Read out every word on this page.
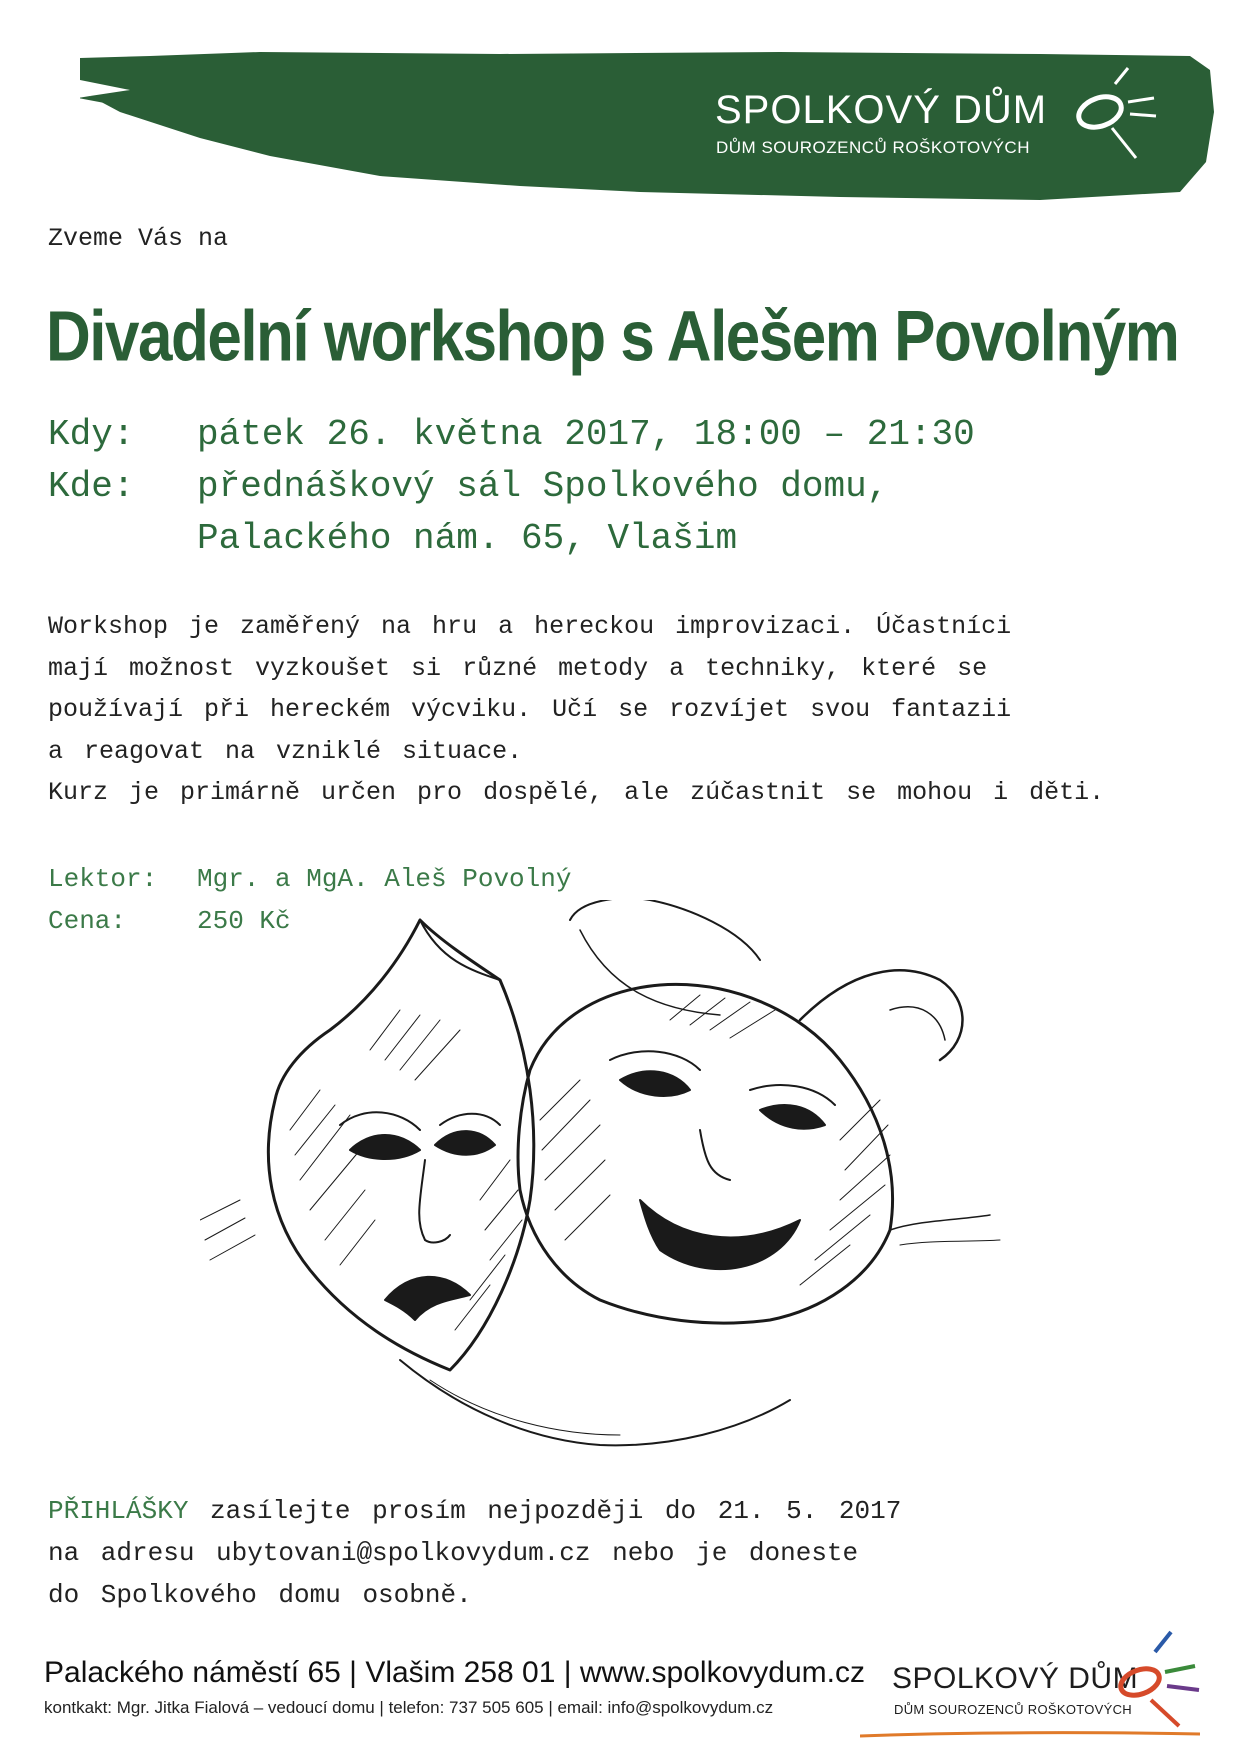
SPOLKOVÝ DŮM
DŮM SOUROZENCŮ ROŠKOTOVÝCH
Zveme Vás na
Divadelní workshop s Alešem Povolným
Kdy: pátek 26. května 2017, 18:00 – 21:30
Kde: přednáškový sál Spolkového domu,
Palackého nám. 65, Vlašim

Workshop je zaměřený na hru a hereckou improvizaci. Účastníci

mají možnost vyzkoušet si různé metody a techniky, které se

používají při hereckém výcviku. Učí se rozvíjet svou fantazii

a reagovat na vzniklé situace.

Kurz je primárně určen pro dospělé, ale zúčastnit se mohou i děti.

Lektor: Mgr. a MgA. Aleš Povolný
Cena:	250 Kč
PŘIHLÁŠKY zasílejte prosím nejpozději do 21. 5. 2017
na adresu ubytovani@spolkovydum.cz nebo je doneste
do Spolkového domu osobně.
Palackého náměstí 65 | Vlašim 258 01 | www.spolkovydum.cz
kontkakt: Mgr. Jitka Fialová – vedoucí domu | telefon: 737 505 605 | email: info@spolkovydum.cz
SPOLKOVÝ DŮM
DŮM SOUROZENCŮ ROŠKOTOVÝCH
